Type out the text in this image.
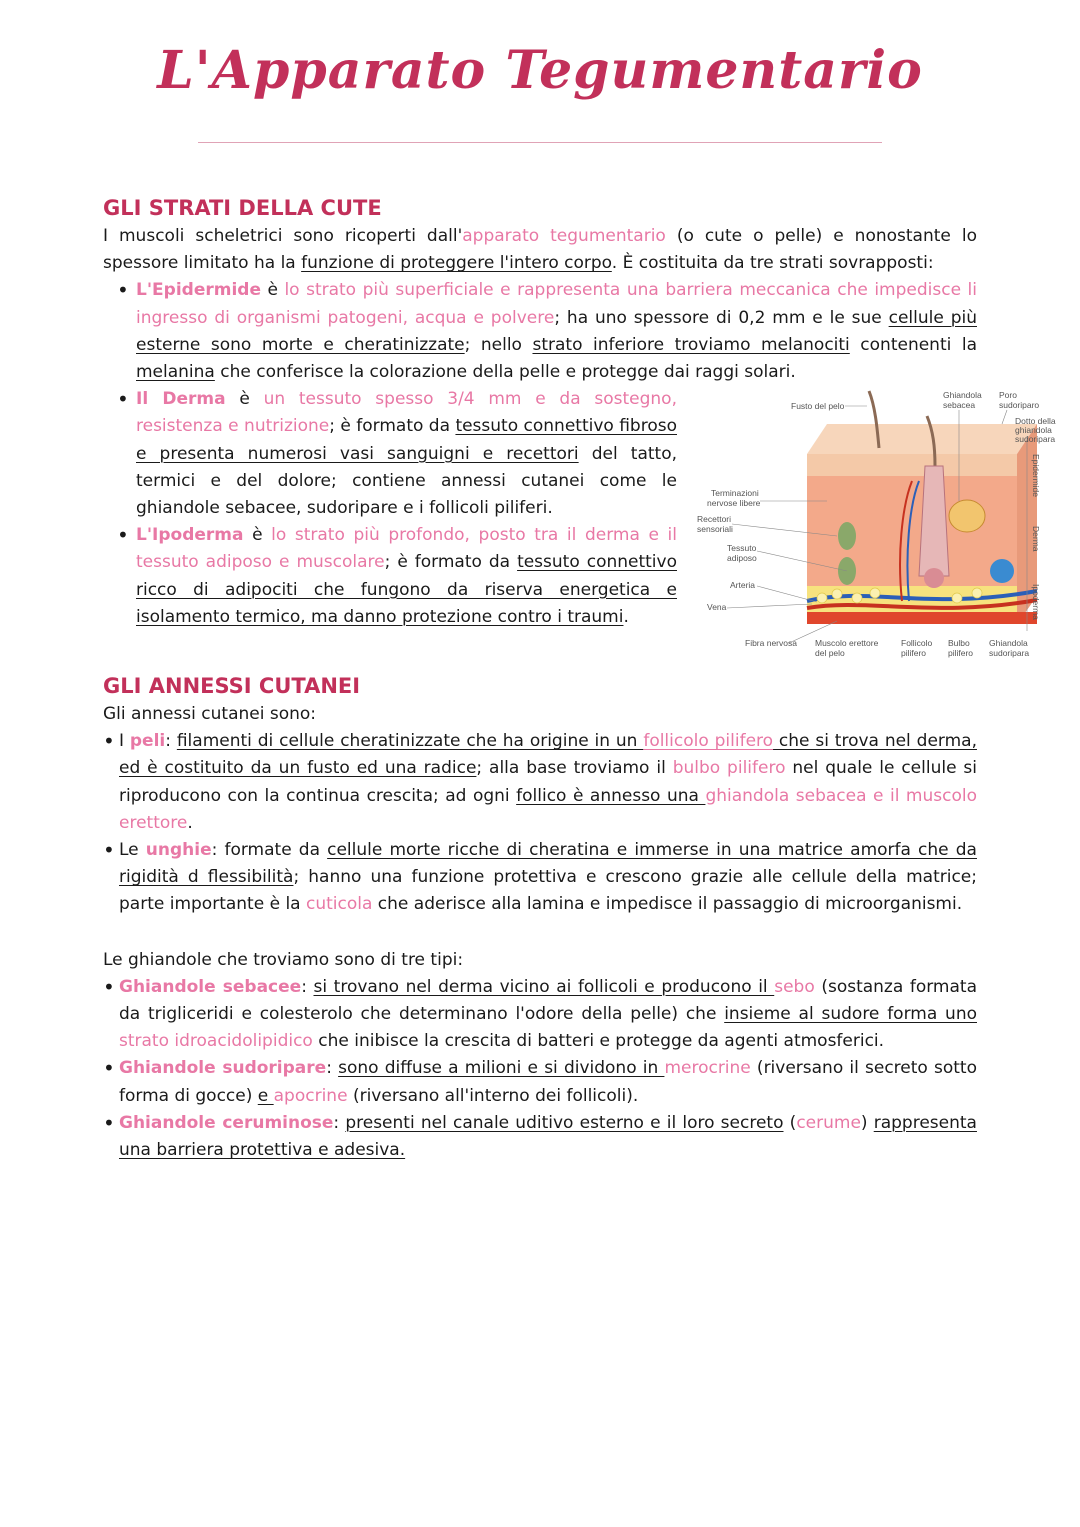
L'Apparato Tegumentario
GLI STRATI DELLA CUTE

I muscoli scheletrici sono ricoperti dall'apparato tegumentario (o cute o pelle) e nonostante lo spessore limitato ha la funzione di proteggere l'intero corpo. È costituita da tre strati sovrapposti:

• L'Epidermide è lo strato più superficiale e rappresenta una barriera meccanica che impedisce li ingresso di organismi patogeni, acqua e polvere; ha uno spessore di 0,2 mm e le sue cellule più esterne sono morte e cheratinizzate; nello strato inferiore troviamo melanociti contenenti la melanina che conferisce la colorazione della pelle e protegge dai raggi solari.
• Il Derma è un tessuto spesso 3/4 mm e da sostegno, resistenza e nutrizione; è formato da tessuto connettivo fibroso e presenta numerosi vasi sanguigni e recettori del tatto, termici e del dolore; contiene annessi cutanei come le ghiandole sebacee, sudoripare e i follicoli piliferi.
• L'Ipoderma è lo strato più profondo, posto tra il derma e il tessuto adiposo e muscolare; è formato da tessuto connettivo ricco di adipociti che fungono da riserva energetica e isolamento termico, ma danno protezione contro i traumi.
Fusto del pelo
Ghiandola
sebacea
Poro
sudoriparo
Dotto della
ghiandola
sudoripara
Terminazioni
nervose libere
Recettori
sensoriali
Tessuto
adiposo
Arteria
Vena
Fibra nervosa Muscolo erettore
del pelo
Follicolo
pilifero
Bulbo
pilifero
Ghiandola
sudoripara
Epidermide
Derma
Ipoderma
GLI ANNESSI CUTANEI

Gli annessi cutanei sono:

• I peli: filamenti di cellule cheratinizzate che ha origine in un follicolo pilifero che si trova nel derma, ed è costituito da un fusto ed una radice; alla base troviamo il bulbo pilifero nel quale le cellule si riproducono con la continua crescita; ad ogni follico è annesso una ghiandola sebacea e il muscolo erettore.
• Le unghie: formate da cellule morte ricche di cheratina e immerse in una matrice amorfa che da rigidità d flessibilità; hanno una funzione protettiva e crescono grazie alle cellule della matrice; parte importante è la cuticola che aderisce alla lamina e impedisce il passaggio di microorganismi.

Le ghiandole che troviamo sono di tre tipi:

• Ghiandole sebacee: si trovano nel derma vicino ai follicoli e producono il sebo (sostanza formata da trigliceridi e colesterolo che determinano l'odore della pelle) che insieme al sudore forma uno strato idroacidolipidico che inibisce la crescita di batteri e protegge da agenti atmosferici.
• Ghiandole sudoripare: sono diffuse a milioni e si dividono in merocrine (riversano il secreto sotto forma di gocce) e apocrine (riversano all'interno dei follicoli).
• Ghiandole ceruminose: presenti nel canale uditivo esterno e il loro secreto (cerume) rappresenta una barriera protettiva e adesiva.
